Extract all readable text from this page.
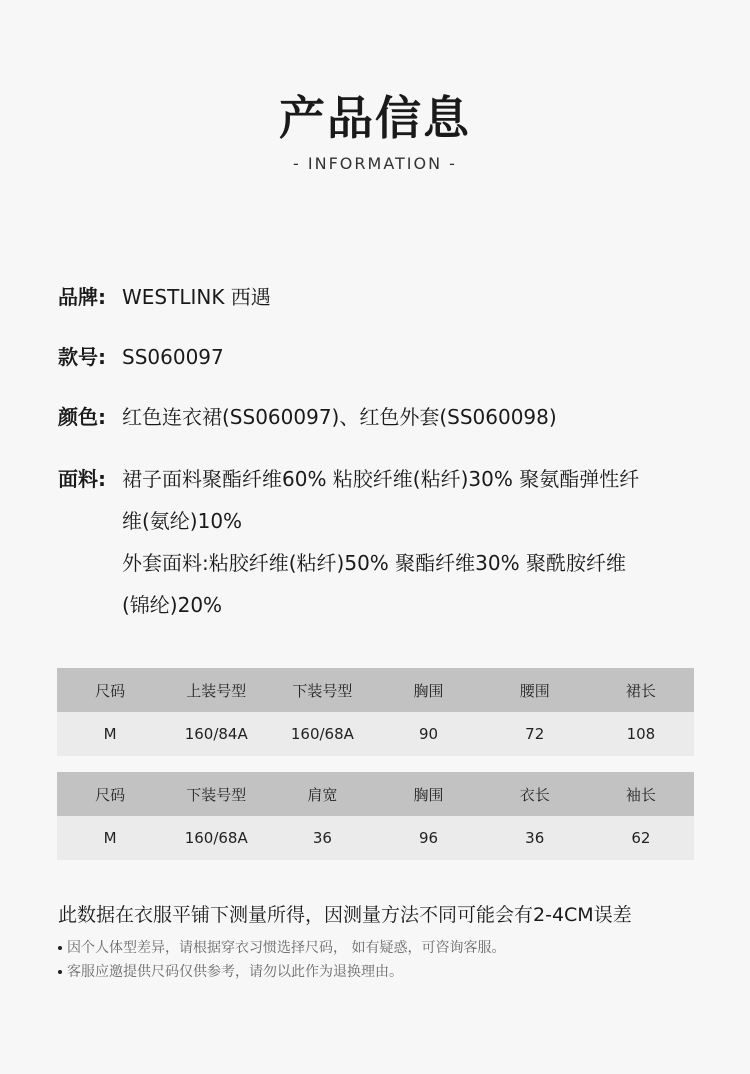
产品信息
- INFORMATION -
品牌: WESTLINK 西遇
款号: SS060097
颜色: 红色连衣裙(SS060097)、红色外套(SS060098)
面料: 裙子面料聚酯纤维60% 粘胶纤维(粘纤)30% 聚氨酯弹性纤
维(氨纶)10%
外套面料:粘胶纤维(粘纤)50% 聚酯纤维30% 聚酰胺纤维
(锦纶)20%
尺码	上装号型	下装号型	胸围	腰围	裙长
M	160/84A	160/68A	90	72	108
尺码	下装号型	肩宽	胸围	衣长	袖长
M	160/68A	36	96	36	62
此数据在衣服平铺下测量所得，因测量方法不同可能会有2-4CM误差
因个人体型差异，请根据穿衣习惯选择尺码， 如有疑惑，可咨询客服。
客服应邀提供尺码仅供参考，请勿以此作为退换理由。
